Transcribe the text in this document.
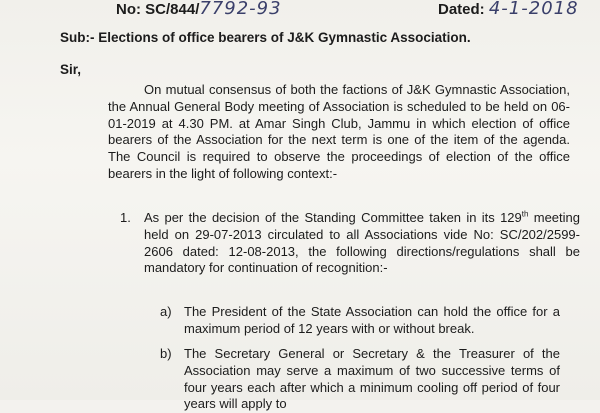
No: SC/844/7792-93	Dated: 4-1-2018
Sub:- Elections of office bearers of J&K Gymnastic Association.
Sir,
On mutual consensus of both the factions of J&K Gymnastic Association, the Annual General Body meeting of Association is scheduled to be held on 06-01-2019 at 4.30 PM. at Amar Singh Club, Jammu in which election of office bearers of the Association for the next term is one of the item of the agenda. The Council is required to observe the proceedings of election of the office bearers in the light of following context:-
1.	As per the decision of the Standing Committee taken in its 129th meeting held on 29-07-2013 circulated to all Associations vide No: SC/202/2599-2606 dated: 12-08-2013, the following directions/regulations shall be mandatory for continuation of recognition:-
a) The President of the State Association can hold the office for a maximum period of 12 years with or without break.
b) The Secretary General or Secretary & the Treasurer of the Association may serve a maximum of two successive terms of four years each after which a minimum cooling off period of four years will apply to
